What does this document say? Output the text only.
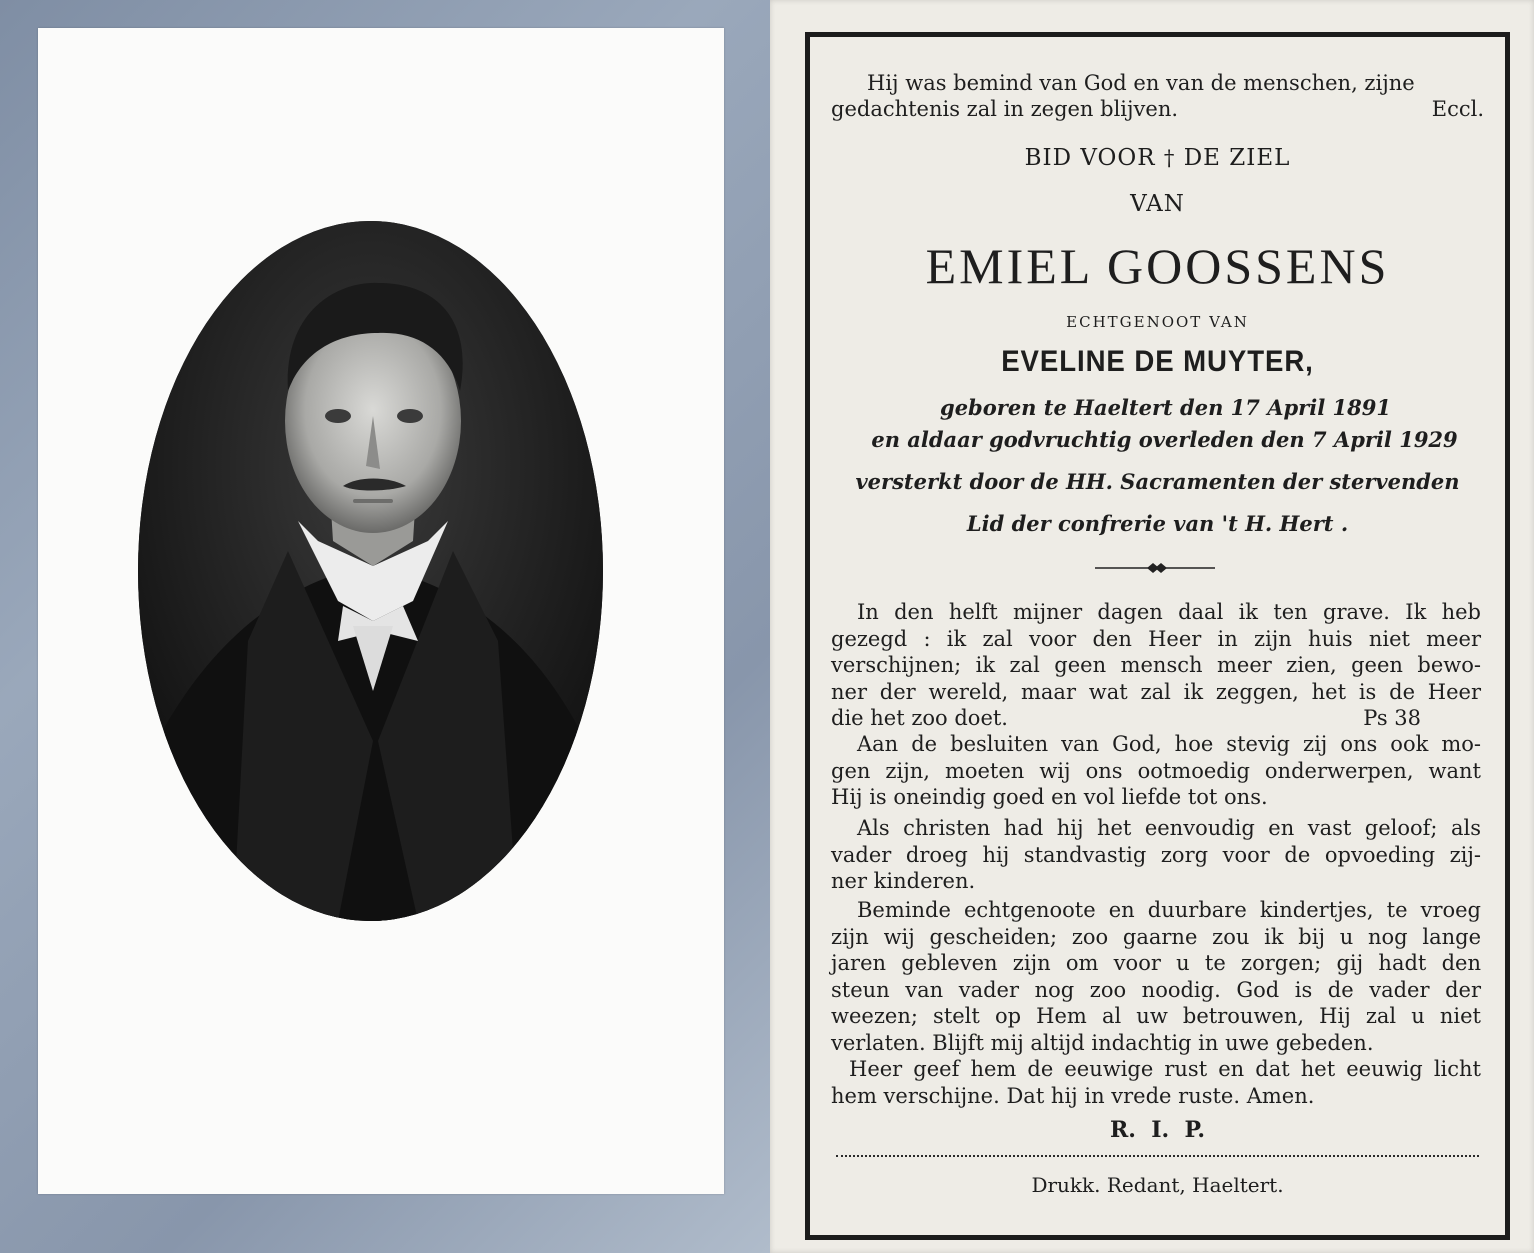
Hij was bemind van God en van de menschen, zijne
gedachtenis zal in zegen blijven.	Eccl.
BID VOOR † DE ZIEL
VAN
EMIEL GOOSSENS
ECHTGENOOT VAN
EVELINE DE MUYTER,
geboren te Haeltert den 17 April 1891
en aldaar godvruchtig overleden den 7 April 1929
versterkt door de HH. Sacramenten der stervenden
Lid der confrerie van 't H. Hert .
In den helft mijner dagen daal ik ten grave. Ik heb
gezegd : ik zal voor den Heer in zijn huis niet meer
verschijnen; ik zal geen mensch meer zien, geen bewo-
ner der wereld, maar wat zal ik zeggen, het is de Heer
die het zoo doet.	Ps 38
Aan de besluiten van God, hoe stevig zij ons ook mo-
gen zijn, moeten wij ons ootmoedig onderwerpen, want
Hij is oneindig goed en vol liefde tot ons.
Als christen had hij het eenvoudig en vast geloof; als
vader droeg hij standvastig zorg voor de opvoeding zij-
ner kinderen.
Beminde echtgenoote en duurbare kindertjes, te vroeg
zijn wij gescheiden; zoo gaarne zou ik bij u nog lange
jaren gebleven zijn om voor u te zorgen; gij hadt den
steun van vader nog zoo noodig. God is de vader der
weezen; stelt op Hem al uw betrouwen, Hij zal u niet
verlaten. Blijft mij altijd indachtig in uwe gebeden.
Heer geef hem de eeuwige rust en dat het eeuwig licht
hem verschijne. Dat hij in vrede ruste. Amen.
R.  I.  P.
Drukk. Redant, Haeltert.
